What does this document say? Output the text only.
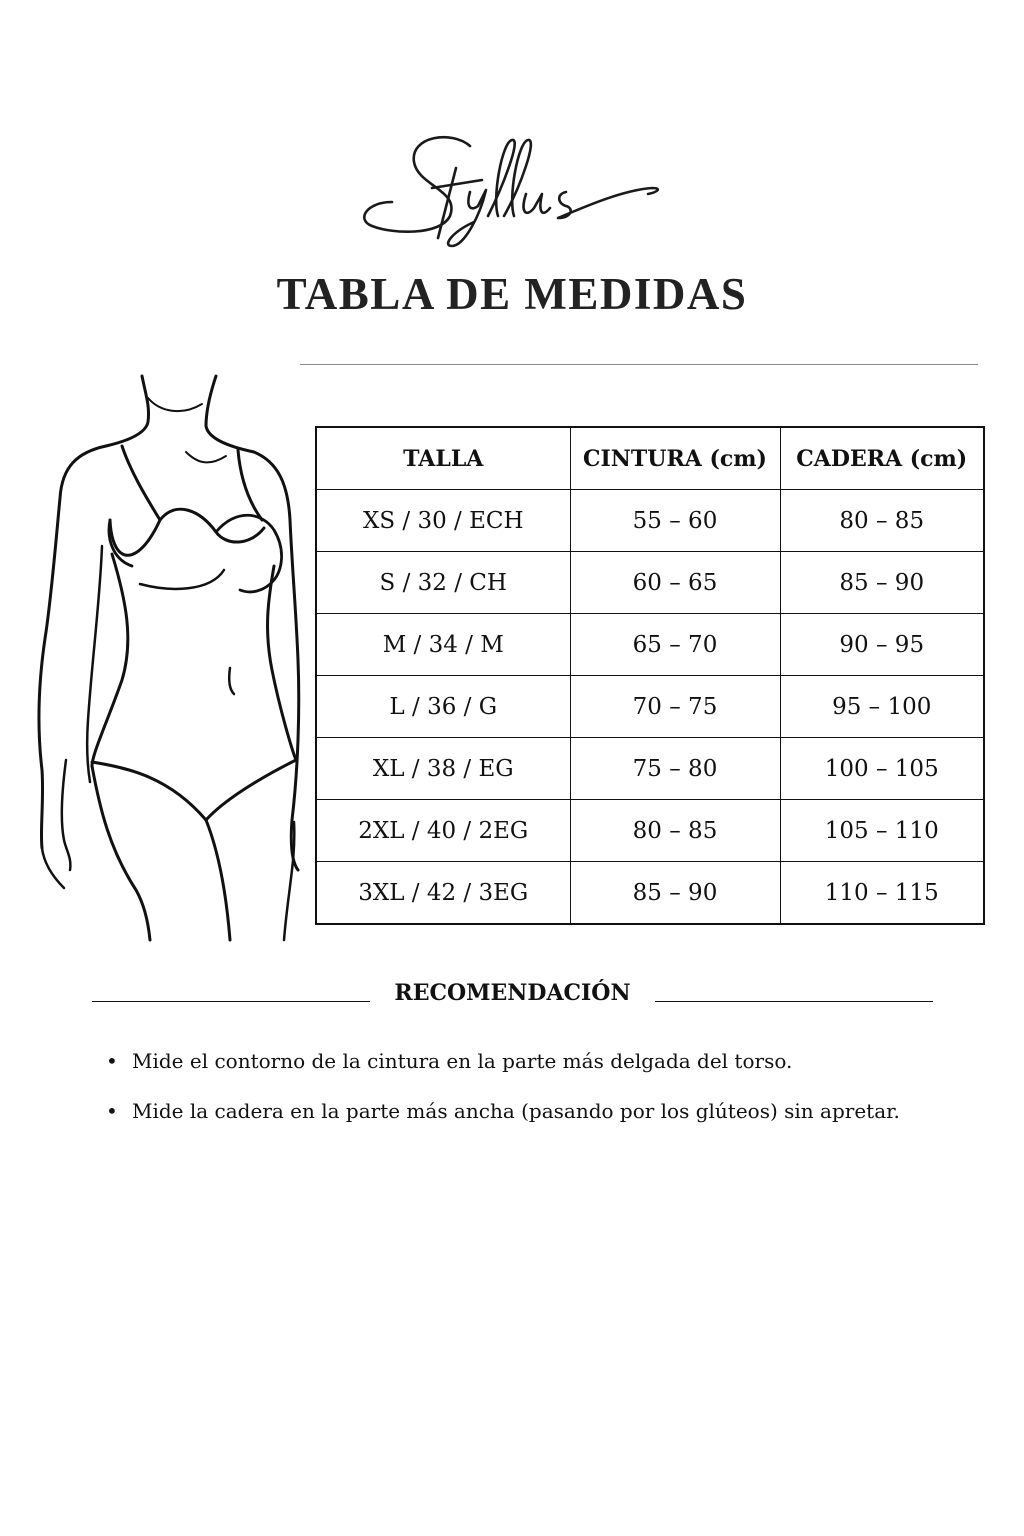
TABLA DE MEDIDAS
TALLA	CINTURA (cm)	CADERA (cm)
XS / 30 / ECH	55 – 60	80 – 85
S / 32 / CH	60 – 65	85 – 90
M / 34 / M	65 – 70	90 – 95
L / 36 / G	70 – 75	95 – 100
XL / 38 / EG	75 – 80	100 – 105
2XL / 40 / 2EG	80 – 85	105 – 110
3XL / 42 / 3EG	85 – 90	110 – 115
RECOMENDACIÓN
• Mide el contorno de la cintura en la parte más delgada del torso.
• Mide la cadera en la parte más ancha (pasando por los glúteos) sin apretar.
